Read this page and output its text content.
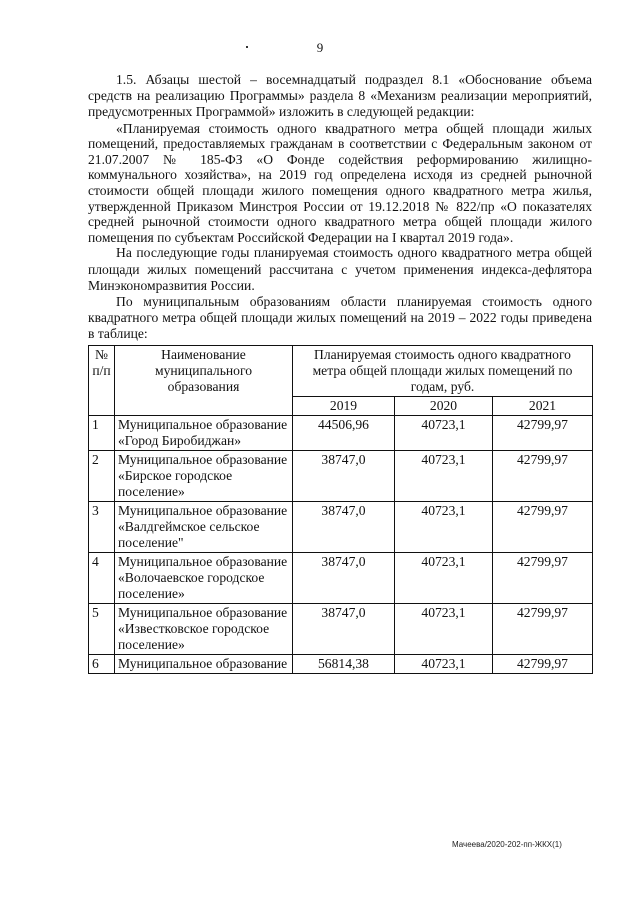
9

1.5. Абзацы шестой – восемнадцатый подраздел 8.1 «Обоснование объема средств на реализацию Программы» раздела 8 «Механизм реализации мероприятий, предусмотренных Программой» изложить в следующей редакции:

«Планируемая стоимость одного квадратного метра общей площади жилых помещений, предоставляемых гражданам в соответствии с Федеральным законом от 21.07.2007 № 185-ФЗ «О Фонде содействия реформированию жилищно-коммунального хозяйства», на 2019 год определена исходя из средней рыночной стоимости общей площади жилого помещения одного квадратного метра жилья, утвержденной Приказом Минстроя России от 19.12.2018 № 822/пр «О показателях средней рыночной стоимости одного квадратного метра общей площади жилого помещения по субъектам Российской Федерации на I квартал 2019 года».

На последующие годы планируемая стоимость одного квадратного метра общей площади жилых помещений рассчитана с учетом применения индекса-дефлятора Минэкономразвития России.

По муниципальным образованиям области планируемая стоимость одного квадратного метра общей площади жилых помещений на 2019 – 2022 годы приведена в таблице:

№ п/п	Наименование муниципального образования	Планируемая стоимость одного квадратного метра общей площади жилых помещений по годам, руб.		
		2019	2020	2021
1	Муниципальное образование «Город Биробиджан»	44506,96	40723,1	42799,97
2	Муниципальное образование «Бирское городское поселение»	38747,0	40723,1	42799,97
3	Муниципальное образование «Валдгеймское сельское поселение"	38747,0	40723,1	42799,97
4	Муниципальное образование «Волочаевское городское поселение»	38747,0	40723,1	42799,97
5	Муниципальное образование «Известковское городское поселение»	38747,0	40723,1	42799,97
6	Муниципальное образование	56814,38	40723,1	42799,97
Мачеева/2020-202-пп-ЖКХ(1)
